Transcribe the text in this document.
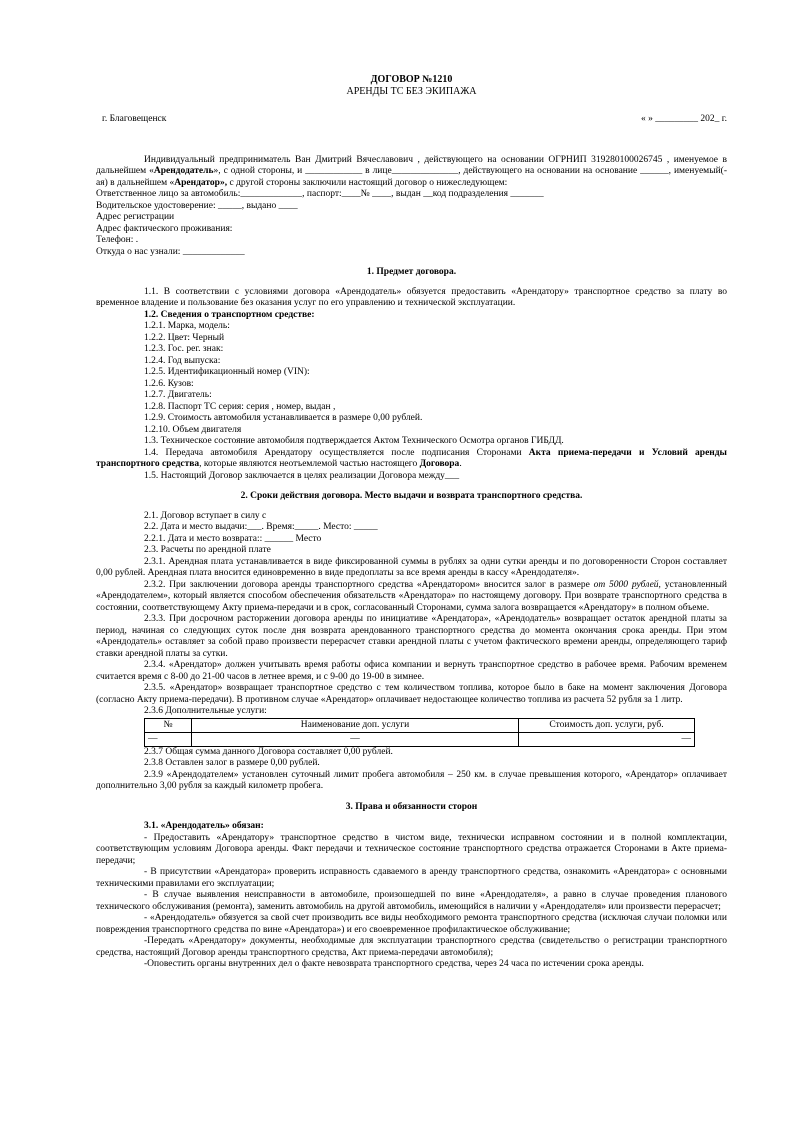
ДОГОВОР №1210
АРЕНДЫ ТС БЕЗ ЭКИПАЖА
г. Благовещенск	« » _________ 202_ г.

Индивидуальный предприниматель Ван Дмитрий Вячеславович , действующего на основании ОГРНИП 319280100026745 , именуемое в дальнейшем «Арендодатель», с одной стороны, и ____________ в лице______________, действующего на основании на основание ______, именуемый(-ая) в дальнейшем «Арендатор», с другой стороны заключили настоящий договор о нижеследующем:

Ответственное лицо за автомобиль:_____________, паспорт:____№ ____, выдан __код подразделения _______

Водительское удостоверение: _____, выдано ____

Адрес регистрации

Адрес фактического проживания:

Телефон: .

Откуда о нас узнали: _____________

1. Предмет договора.

1.1. В соответствии с условиями договора «Арендодатель» обязуется предоставить «Арендатору» транспортное средство за плату во временное владение и пользование без оказания услуг по его управлению и технической эксплуатации.

1.2. Сведения о транспортном средстве:

1.2.1. Марка, модель:

1.2.2. Цвет: Черный

1.2.3. Гос. рег. знак:

1.2.4. Год выпуска:

1.2.5. Идентификационный номер (VIN):

1.2.6. Кузов:

1.2.7. Двигатель:

1.2.8. Паспорт ТС серия: серия , номер, выдан ,

1.2.9. Стоимость автомобиля устанавливается в размере 0,00 рублей.

1.2.10. Объем двигателя

1.3. Техническое состояние автомобиля подтверждается Актом Технического Осмотра органов ГИБДД.

1.4. Передача автомобиля Арендатору осуществляется после подписания Сторонами Акта приема-передачи и Условий аренды транспортного средства, которые являются неотъемлемой частью настоящего Договора.

1.5. Настоящий Договор заключается в целях реализации Договора между___

2. Сроки действия договора. Место выдачи и возврата транспортного средства.

2.1. Договор вступает в силу с

2.2. Дата и место выдачи:___. Время:_____. Место: _____

2.2.1. Дата и место возврата:: ______ Место

2.3. Расчеты по арендной плате

2.3.1. Арендная плата устанавливается в виде фиксированной суммы в рублях за одни сутки аренды и по договоренности Сторон составляет 0,00 рублей. Арендная плата вносится единовременно в виде предоплаты за все время аренды в кассу «Арендодателя».

2.3.2. При заключении договора аренды транспортного средства «Арендатором» вносится залог в размере от 5000 рублей, установленный «Арендодателем», который является способом обеспечения обязательств «Арендатора» по настоящему договору. При возврате транспортного средства в состоянии, соответствующему Акту приема-передачи и в срок, согласованный Сторонами, сумма залога возвращается «Арендатору» в полном объеме.

2.3.3. При досрочном расторжении договора аренды по инициативе «Арендатора», «Арендодатель» возвращает остаток арендной платы за период, начиная со следующих суток после дня возврата арендованного транспортного средства до момента окончания срока аренды. При этом «Арендодатель» оставляет за собой право произвести перерасчет ставки арендной платы с учетом фактического времени аренды, определяющего тариф ставки арендной платы за сутки.

2.3.4. «Арендатор» должен учитывать время работы офиса компании и вернуть транспортное средство в рабочее время. Рабочим временем считается время с 8-00 до 21-00 часов в летнее время, и с 9-00 до 19-00 в зимнее.

2.3.5. «Арендатор» возвращает транспортное средство с тем количеством топлива, которое было в баке на момент заключения Договора (согласно Акту приема-передачи). В противном случае «Арендатор» оплачивает недостающее количество топлива из расчета 52 рубля за 1 литр.

2.3.6 Дополнительные услуги:

№	Наименование доп. услуги	Стоимость доп. услуги, руб.
—	—	—

2.3.7 Общая сумма данного Договора составляет 0,00 рублей.

2.3.8 Оставлен залог в размере 0,00 рублей.

2.3.9 «Арендодателем» установлен суточный лимит пробега автомобиля – 250 км. в случае превышения которого, «Арендатор» оплачивает дополнительно 3,00 рубля за каждый километр пробега.

3. Права и обязанности сторон

3.1. «Арендодатель» обязан:

- Предоставить «Арендатору» транспортное средство в чистом виде, технически исправном состоянии и в полной комплектации, соответствующим условиям Договора аренды. Факт передачи и техническое состояние транспортного средства отражается Сторонами в Акте приема-передачи;

- В присутствии «Арендатора» проверить исправность сдаваемого в аренду транспортного средства, ознакомить «Арендатора» с основными техническими правилами его эксплуатации;

- В случае выявления неисправности в автомобиле, произошедшей по вине «Арендодателя», а равно в случае проведения планового технического обслуживания (ремонта), заменить автомобиль на другой автомобиль, имеющийся в наличии у «Арендодателя» или произвести перерасчет;

- «Арендодатель» обязуется за свой счет производить все виды необходимого ремонта транспортного средства (исключая случаи поломки или повреждения транспортного средства по вине «Арендатора») и его своевременное профилактическое обслуживание;

-Передать «Арендатору» документы, необходимые для эксплуатации транспортного средства (свидетельство о регистрации транспортного средства, настоящий Договор аренды транспортного средства, Акт приема-передачи автомобиля);

-Оповестить органы внутренних дел о факте невозврата транспортного средства, через 24 часа по истечении срока аренды.
